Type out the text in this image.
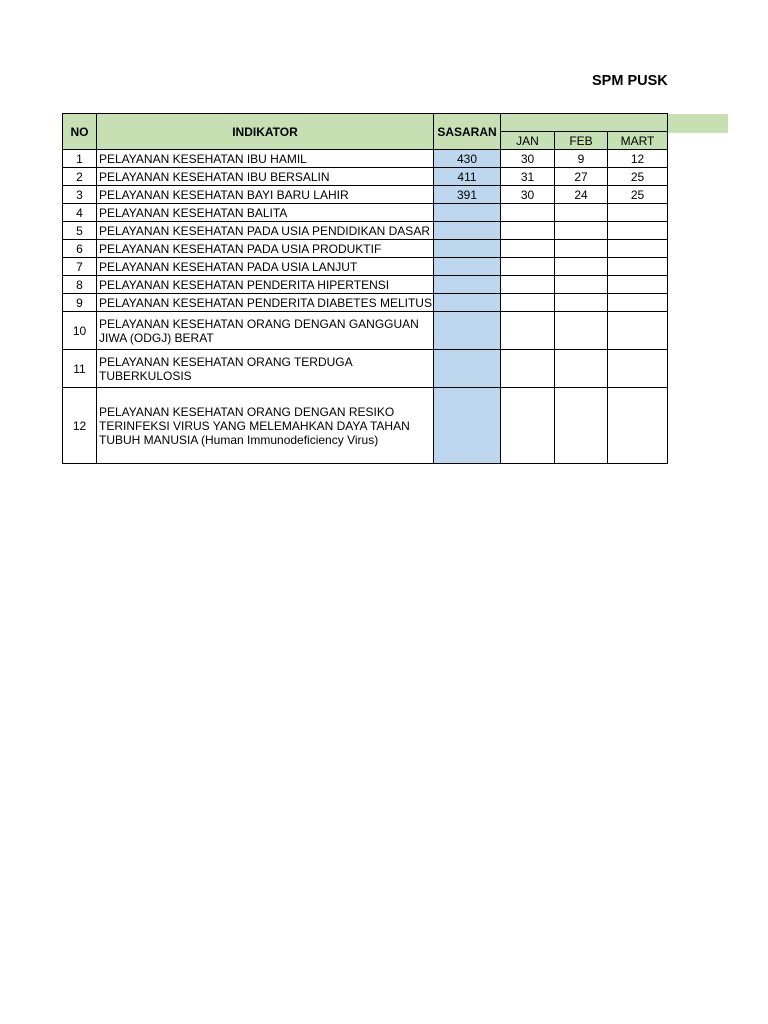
SPM PUSK
NO	INDIKATOR	SASARAN			
			JAN	FEB	MART
1	PELAYANAN KESEHATAN IBU HAMIL	430	30	9	12
2	PELAYANAN KESEHATAN IBU BERSALIN	411	31	27	25
3	PELAYANAN KESEHATAN BAYI BARU LAHIR	391	30	24	25
4	PELAYANAN KESEHATAN BALITA				
5	PELAYANAN KESEHATAN PADA USIA PENDIDIKAN DASAR				
6	PELAYANAN KESEHATAN PADA USIA PRODUKTIF				
7	PELAYANAN KESEHATAN PADA USIA LANJUT				
8	PELAYANAN KESEHATAN PENDERITA HIPERTENSI				
9	PELAYANAN KESEHATAN PENDERITA DIABETES MELITUS				
10	PELAYANAN KESEHATAN ORANG DENGAN GANGGUAN JIWA (ODGJ) BERAT				
11	PELAYANAN KESEHATAN ORANG TERDUGA TUBERKULOSIS				
12	PELAYANAN KESEHATAN ORANG DENGAN RESIKO TERINFEKSI VIRUS YANG MELEMAHKAN DAYA TAHAN TUBUH MANUSIA (Human Immunodeficiency Virus)				
